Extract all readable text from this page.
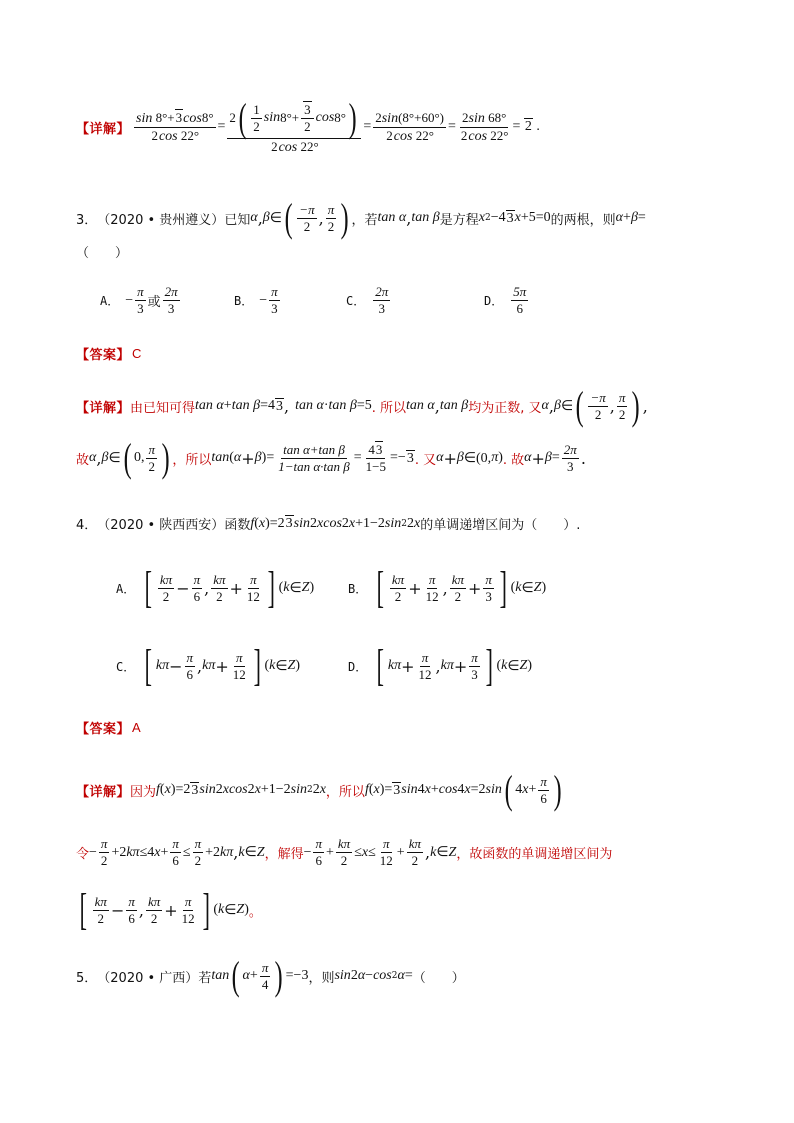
【详解】 $\frac{\sin 8^\circ+3\cos 8^\circ}{2\cos 22^\circ} = \frac{2 ( \frac{1}{2} \sin 8^\circ+ \frac{3}{2} \cos 8^\circ )}{2\cos 22^\circ} = \frac{2\sin(8^\circ+60^\circ)}{2\cos 22^\circ} = \frac{2\sin 68^\circ}{2\cos 22^\circ} = 2$ .
3． （2020 • 贵州遵义） 已知 α , β ∈ ( $\frac{-\pi}{2}$ , $\frac{\pi}{2}$ ) ，若 tan α , tan β 是方程 x 2 −4 3 x +5=0 的两根，则 α + β =
（　　）
A． − $\frac{\pi}{3}$ 或 $\frac{2\pi}{3}$	B． − $\frac{\pi}{3}$	C． $\frac{2\pi}{3}$	D． $\frac{5\pi}{6}$
【答案】 C
【详解】 由已知可得 tan α + tan β =4 3 , tan α · tan β =5 . 所以 tan α , tan β 均为正数, 又 α , β ∈ ( $\frac{-\pi}{2}$ , $\frac{\pi}{2}$ ) ,
故 α , β ∈ ( 0, $\frac{\pi}{2}$ ) ，所以 tan ( α + β )= $\frac{\text{tan α+tan β}}{\text{1−tan α·tan β}} = \frac{43}{1-5} =- 3$ . 又 α + β ∈(0, π ) . 故 $\alpha + \beta = \frac{2\pi}{3}$ .
4． （2020 • 陕西西安） 函数 f ( x )=2 3 sin 2 x cos 2 x +1−2 sin 2 2 x 的单调递增区间为（　　）.
A． [ $\frac{k\pi}{2} - \frac{\pi}{6}$ , $\frac{k\pi}{2} + \frac{\pi}{12}$ ] ( k ∈ Z )	B． [ $\frac{k\pi}{2} + \frac{\pi}{12}$ , $\frac{k\pi}{2} + \frac{\pi}{3}$ ] ( k ∈ Z )
C． [ $k\pi - \frac{\pi}{6}$ , $k\pi + \frac{\pi}{12}$ ] ( k ∈ Z )	D． [ $k\pi + \frac{\pi}{12}$ , $k\pi + \frac{\pi}{3}$ ] ( k ∈ Z )
【答案】 A
【详解】 因为 f ( x )=2 3 sin 2 x cos 2 x +1−2 sin 2 2 x ，所以 f ( x )= 3 sin 4 x + cos 4 x =2 sin ( 4 $x + \frac{\pi}{6}$ )
令 − $\frac{\pi}{2} +2$ kπ ≤4 $x + \frac{\pi}{6} \le \frac{\pi}{2} +2$ kπ , k ∈ Z ，解得 − $\frac{\pi}{6} + \frac{k\pi}{2} \le x \le \frac{\pi}{12} + \frac{k\pi}{2}$ , k ∈ Z ，故函数的单调递增区间为
[ $\frac{k\pi}{2} - \frac{\pi}{6}$ , $\frac{k\pi}{2} + \frac{\pi}{12}$ ] ( k ∈ Z ) 。
5． （2020 • 广西） 若 tan ( $\alpha + \frac{\pi}{4}$ ) =−3 ，则 sin 2 α − cos 2 α = （　　）
